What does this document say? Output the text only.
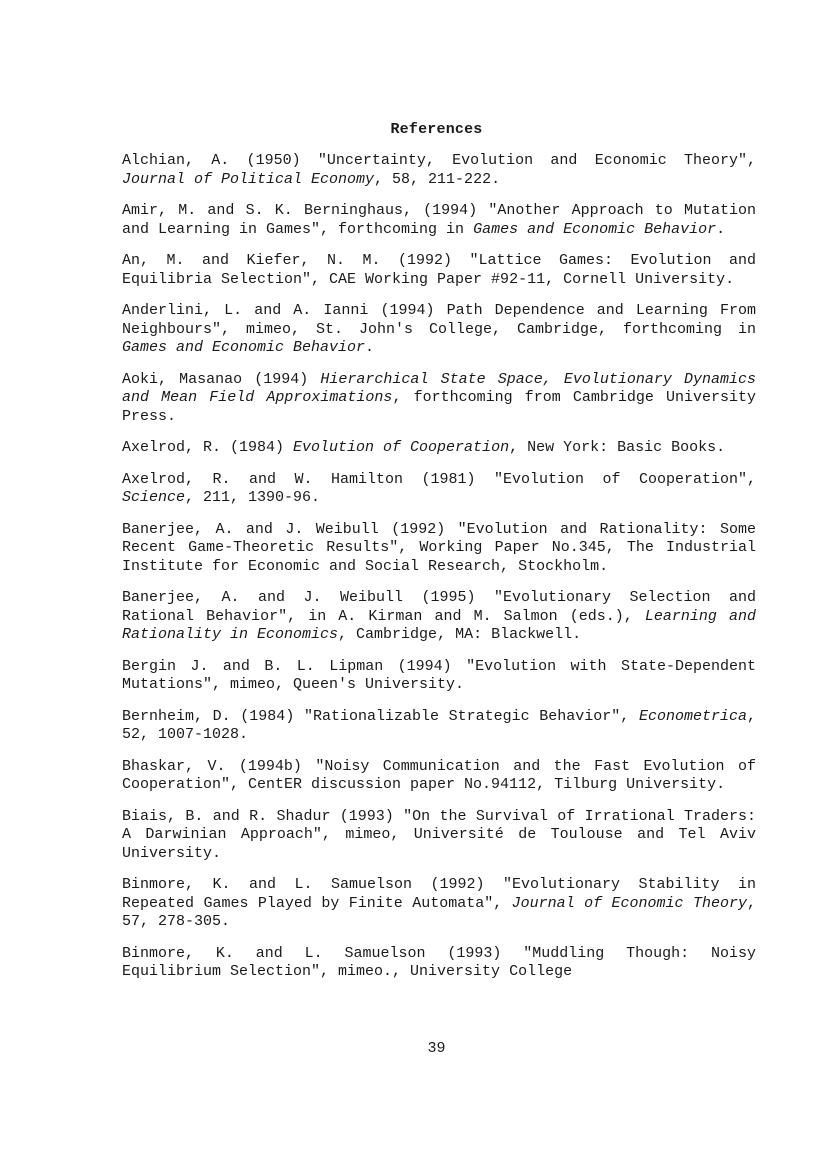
References

Alchian, A. (1950) "Uncertainty, Evolution and Economic Theory", Journal of Political Economy, 58, 211-222.

Amir, M. and S. K. Berninghaus, (1994) "Another Approach to Mutation and Learning in Games", forthcoming in Games and Economic Behavior.

An, M. and Kiefer, N. M. (1992) "Lattice Games: Evolution and Equilibria Selection", CAE Working Paper #92-11, Cornell University.

Anderlini, L. and A. Ianni (1994) Path Dependence and Learning From Neighbours", mimeo, St. John's College, Cambridge, forthcoming in Games and Economic Behavior.

Aoki, Masanao (1994) Hierarchical State Space, Evolutionary Dynamics and Mean Field Approximations, forthcoming from Cambridge University Press.

Axelrod, R. (1984) Evolution of Cooperation, New York: Basic Books.

Axelrod, R. and W. Hamilton (1981) "Evolution of Cooperation", Science, 211, 1390-96.

Banerjee, A. and J. Weibull (1992) "Evolution and Rationality: Some Recent Game-Theoretic Results", Working Paper No.345, The Industrial Institute for Economic and Social Research, Stockholm.

Banerjee, A. and J. Weibull (1995) "Evolutionary Selection and Rational Behavior", in A. Kirman and M. Salmon (eds.), Learning and Rationality in Economics, Cambridge, MA: Blackwell.

Bergin J. and B. L. Lipman (1994) "Evolution with State-Dependent Mutations", mimeo, Queen's University.

Bernheim, D. (1984) "Rationalizable Strategic Behavior", Econometrica, 52, 1007-1028.

Bhaskar, V. (1994b) "Noisy Communication and the Fast Evolution of Cooperation", CentER discussion paper No.94112, Tilburg University.

Biais, B. and R. Shadur (1993) "On the Survival of Irrational Traders: A Darwinian Approach", mimeo, Université de Toulouse and Tel Aviv University.

Binmore, K. and L. Samuelson (1992) "Evolutionary Stability in Repeated Games Played by Finite Automata", Journal of Economic Theory, 57, 278-305.

Binmore, K. and L. Samuelson (1993) "Muddling Though: Noisy Equilibrium Selection", mimeo., University College

39
